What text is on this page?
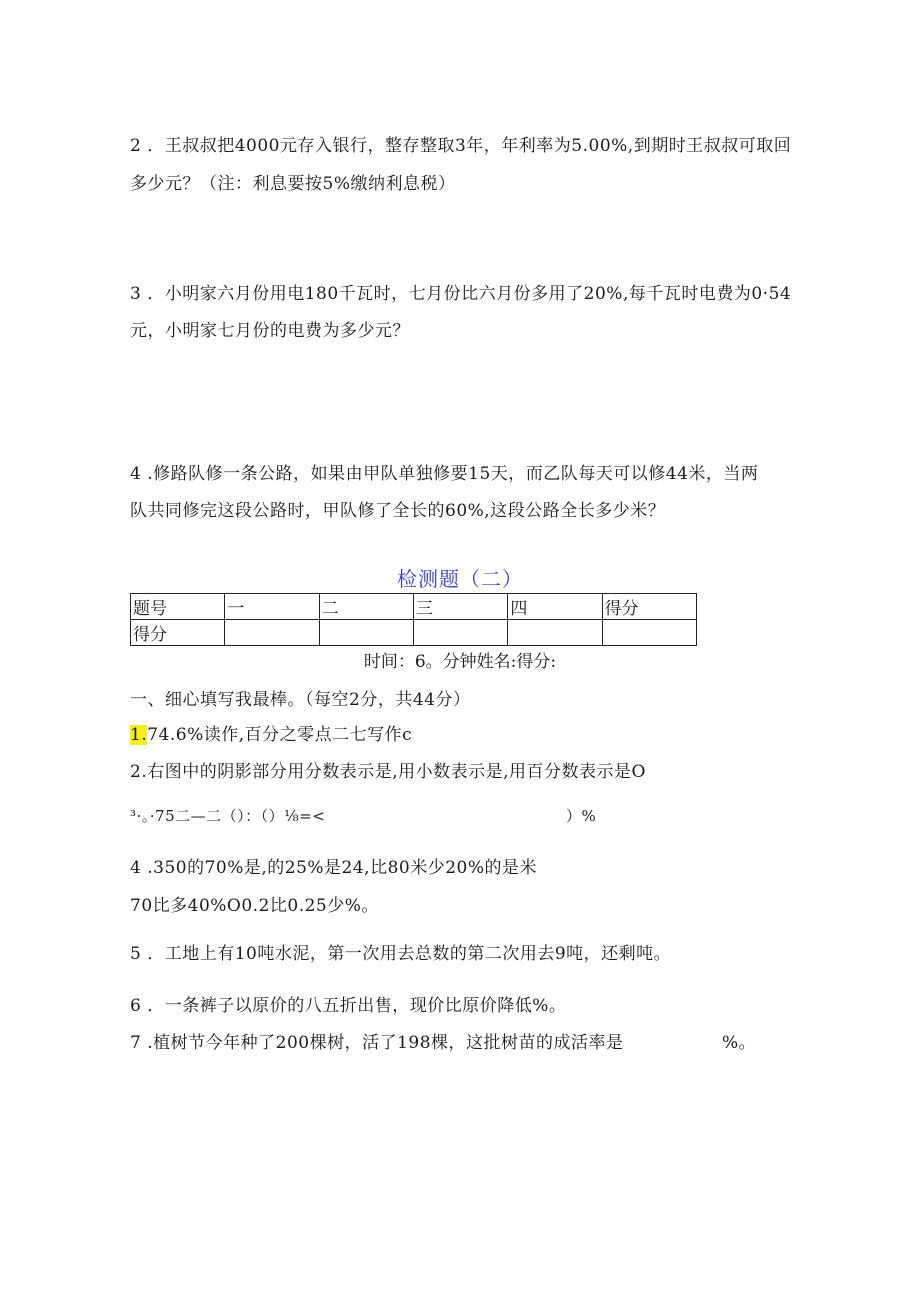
2 ．王叔叔把4000元存入银行，整存整取3年，年利率为5.00%,到期时王叔叔可取回
多少元？（注：利息要按5%缴纳利息税）
3 ．小明家六月份用电180千瓦时，七月份比六月份多用了20%,每千瓦时电费为0·54
元，小明家七月份的电费为多少元？
4 .修路队修一条公路，如果由甲队单独修要15天，而乙队每天可以修44米，当两
队共同修完这段公路时，甲队修了全长的60%,这段公路全长多少米？
检测题（二）
题号	一	二	三	四	得分
得分					
时间：6。分钟姓名:得分:
一、细心填写我最棒。（每空2分，共44分）
1.74.6%读作,百分之零点二七写作c
2.右图中的阴影部分用分数表示是,用小数表示是,用百分数表示是O
³·。·75二—二（）：（）⅛=<	）%
4 .350的70%是,的25%是24,比80米少20%的是米
70比多40%O0.2比0.25少%。
5 ．工地上有10吨水泥，第一次用去总数的第二次用去9吨，还剩吨。
6 ．一条裤子以原价的八五折出售，现价比原价降低%。
7 .植树节今年种了200棵树，活了198棵，这批树苗的成活率是	%。
